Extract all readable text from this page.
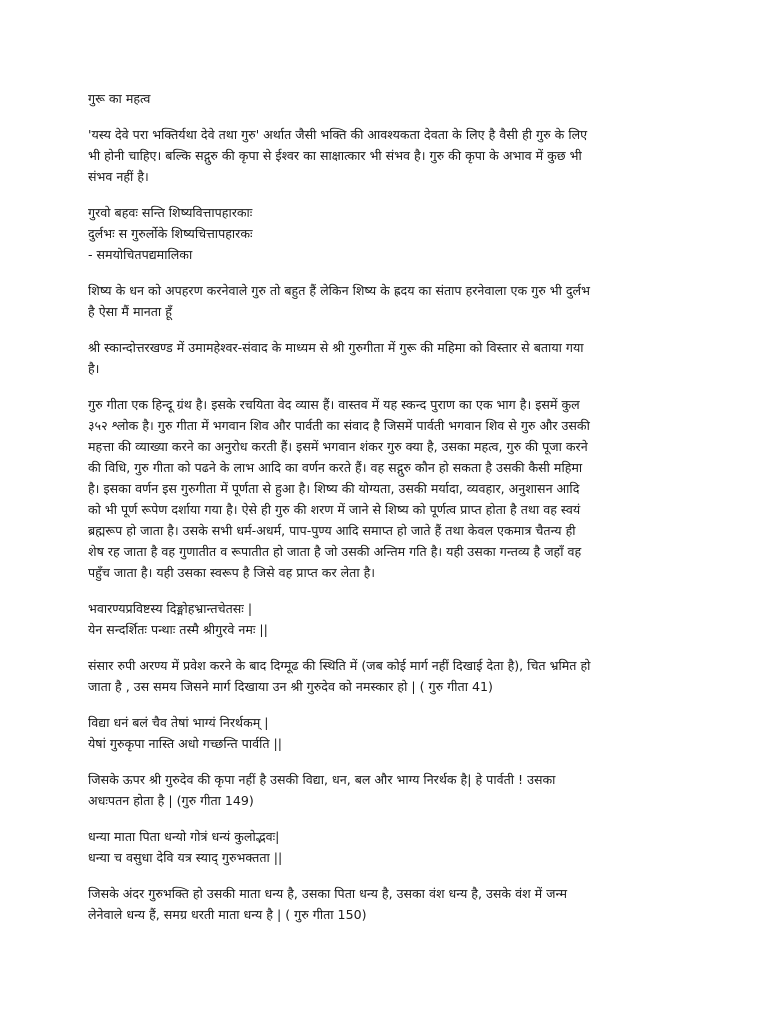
गुरू का महत्व

'यस्य देवे परा भक्तिर्यथा देवे तथा गुरु' अर्थात जैसी भक्ति की आवश्यकता देवता के लिए है वैसी ही गुरु के लिए
भी होनी चाहिए। बल्कि सद्गुरु की कृपा से ईश्वर का साक्षात्कार भी संभव है। गुरु की कृपा के अभाव में कुछ भी
संभव नहीं है।

गुरवो बहवः सन्ति शिष्यवित्तापहारकाः
दुर्लभः स गुरुर्लोके शिष्यचित्तापहारकः
- समयोचितपद्यमालिका

शिष्य के धन को अपहरण करनेवाले गुरु तो बहुत हैं लेकिन शिष्य के ह्रदय का संताप हरनेवाला एक गुरु भी दुर्लभ
है ऐसा मैं मानता हूँ

श्री स्कान्दोत्तरखण्ड में उमामहेश्वर-संवाद के माध्यम से श्री गुरुगीता में गुरू की महिमा को विस्तार से बताया गया
है।

गुरु गीता एक हिन्दू ग्रंथ है। इसके रचयिता वेद व्यास हैं। वास्तव में यह स्कन्द पुराण का एक भाग है। इसमें कुल
३५२ श्लोक है। गुरु गीता में भगवान शिव और पार्वती का संवाद है जिसमें पार्वती भगवान शिव से गुरु और उसकी
महत्ता की व्याख्या करने का अनुरोध करती हैं। इसमें भगवान शंकर गुरु क्या है, उसका महत्व, गुरु की पूजा करने
की विधि, गुरु गीता को पढने के लाभ आदि का वर्णन करते हैं। वह सद्गुरु कौन हो सकता है उसकी कैसी महिमा
है। इसका वर्णन इस गुरुगीता में पूर्णता से हुआ है। शिष्य की योग्यता, उसकी मर्यादा, व्यवहार, अनुशासन आदि
को भी पूर्ण रूपेण दर्शाया गया है। ऐसे ही गुरु की शरण में जाने से शिष्य को पूर्णत्व प्राप्त होता है तथा वह स्वयं
ब्रह्मरूप हो जाता है। उसके सभी धर्म-अधर्म, पाप-पुण्य आदि समाप्त हो जाते हैं तथा केवल एकमात्र चैतन्य ही
शेष रह जाता है वह गुणातीत व रूपातीत हो जाता है जो उसकी अन्तिम गति है। यही उसका गन्तव्य है जहाँ वह
पहुँच जाता है। यही उसका स्वरूप है जिसे वह प्राप्त कर लेता है।

भवारण्यप्रविष्टस्य दिङ्मोहभ्रान्तचेतसः |
येन सन्दर्शितः पन्थाः तस्मै श्रीगुरवे नमः ||

संसार रुपी अरण्य में प्रवेश करने के बाद दिग्मूढ की स्थिति में (जब कोई मार्ग नहीं दिखाई देता है), चित भ्रमित हो
जाता है , उस समय जिसने मार्ग दिखाया उन श्री गुरुदेव को नमस्कार हो | ( गुरु गीता 41)

विद्या धनं बलं चैव तेषां भाग्यं निरर्थकम् |
येषां गुरुकृपा नास्ति अधो गच्छन्ति पार्वति ||

जिसके ऊपर श्री गुरुदेव की कृपा नहीं है उसकी विद्या, धन, बल और भाग्य निरर्थक है| हे पार्वती ! उसका
अधःपतन होता है | (गुरु गीता 149)

धन्या माता पिता धन्यो गोत्रं धन्यं कुलोद्भवः|
धन्या च वसुधा देवि यत्र स्याद् गुरुभक्तता ||

जिसके अंदर गुरुभक्ति हो उसकी माता धन्य है, उसका पिता धन्य है, उसका वंश धन्य है, उसके वंश में जन्म
लेनेवाले धन्य हैं, समग्र धरती माता धन्य है | ( गुरु गीता 150)
